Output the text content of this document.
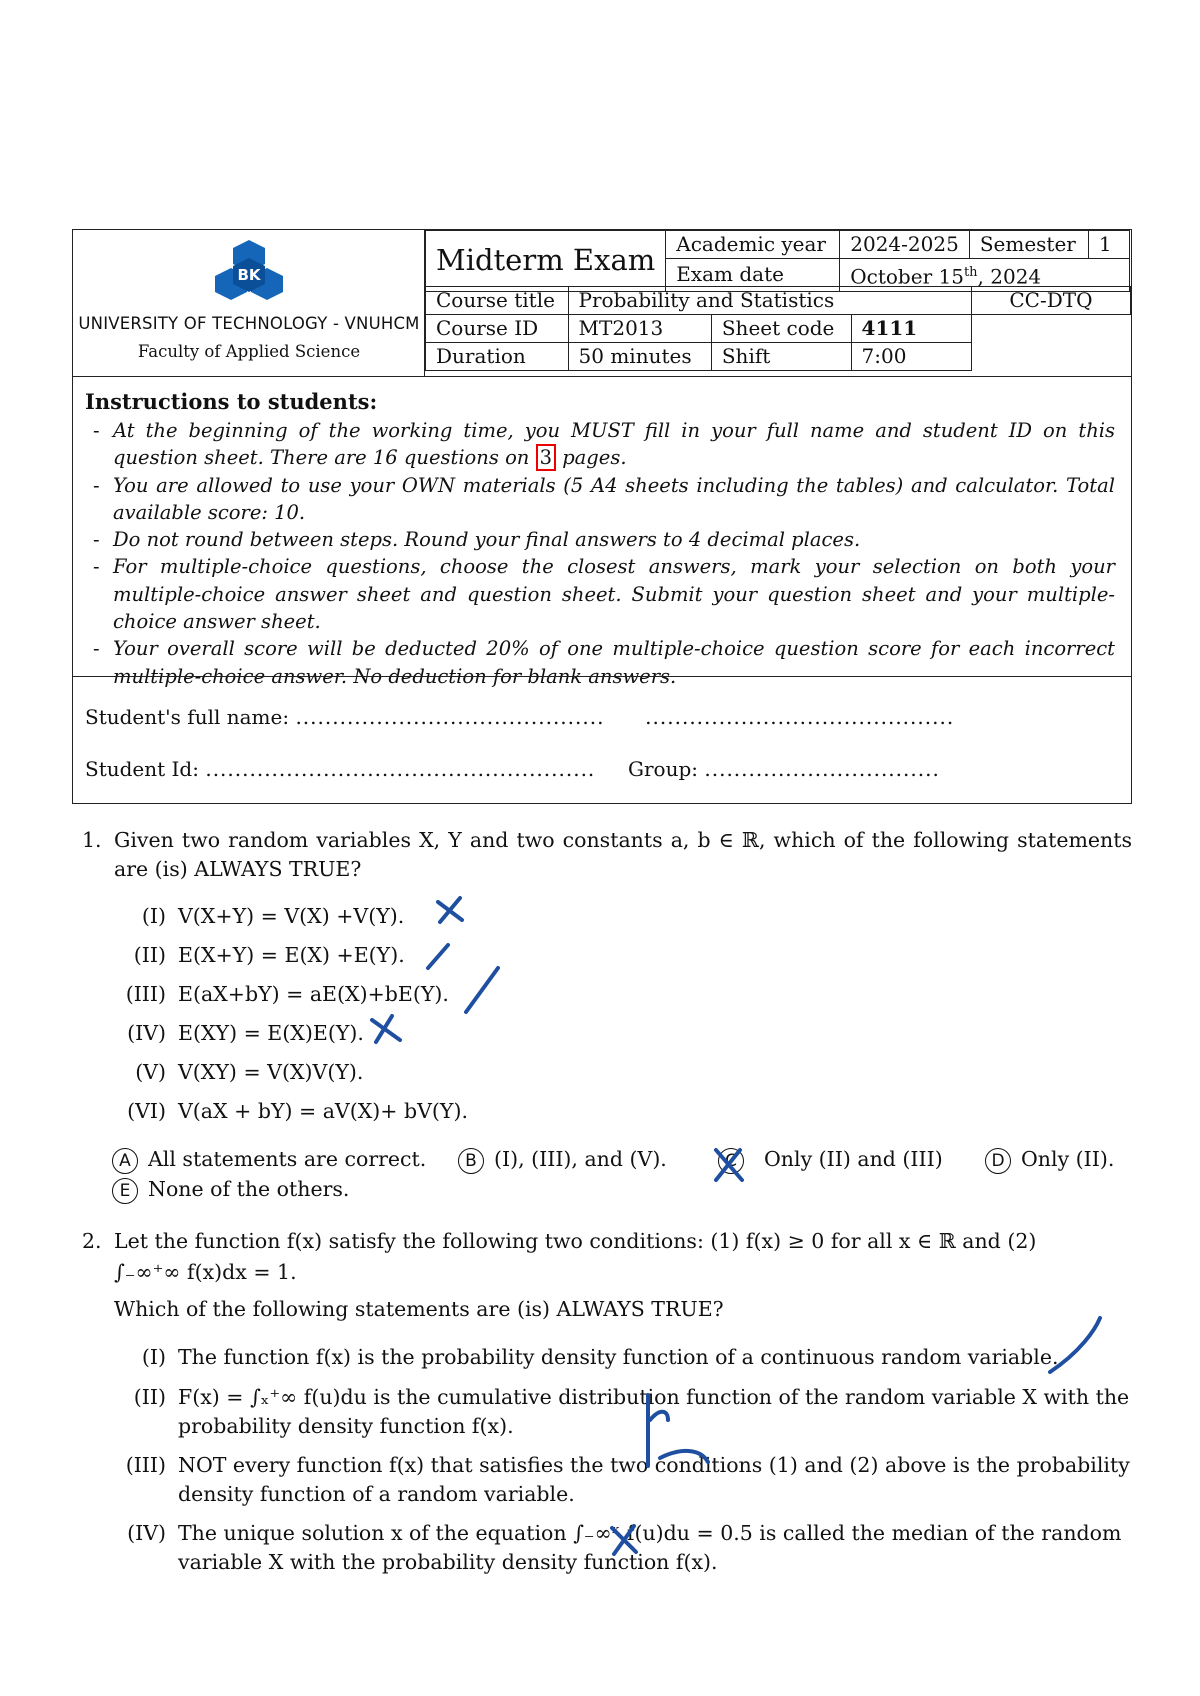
BK
UNIVERSITY OF TECHNOLOGY - VNUHCM
Faculty of Applied Science
Midterm Exam	Academic year	2024-2025	Semester	1
	Exam date	October 15th, 2024		
Course title	Probability and Statistics			CC-DTQ
Course ID	MT2013	Sheet code	4111	
Duration	50 minutes	Shift	7:00	
Instructions to students:
- At the beginning of the working time, you MUST fill in your full name and student ID on this question sheet. There are 16 questions on 3 pages.
- You are allowed to use your OWN materials (5 A4 sheets including the tables) and calculator. Total available score: 10.
- Do not round between steps. Round your final answers to 4 decimal places.
- For multiple-choice questions, choose the closest answers, mark your selection on both your multiple-choice answer sheet and question sheet. Submit your question sheet and your multiple-choice answer sheet.
- Your overall score will be deducted 20% of one multiple-choice question score for each incorrect multiple-choice answer. No deduction for blank answers.
Student's full name: .......................................... ..........................................
Student Id: ..................................................... Group: ................................
1. Given two random variables X, Y and two constants a, b ∈ ℝ, which of the following statements are (is) ALWAYS TRUE?
(I) V(X+Y) = V(X) +V(Y).
(II) E(X+Y) = E(X) +E(Y).
(III) E(aX+bY) = aE(X)+bE(Y).
(IV) E(XY) = E(X)E(Y).
(V) V(XY) = V(X)V(Y).
(VI) V(aX + bY) = aV(X)+ bV(Y).
A All statements are correct.	B (I), (III), and (V).	C Only (II) and (III)	D Only (II).
E None of the others.
2. Let the function f(x) satisfy the following two conditions: (1) f(x) ≥ 0 for all x ∈ ℝ and (2)
∫₋∞⁺∞ f(x)dx = 1.
Which of the following statements are (is) ALWAYS TRUE?
(I) The function f(x) is the probability density function of a continuous random variable.
(II) F(x) = ∫ₓ⁺∞ f(u)du is the cumulative distribution function of the random variable X with the
probability density function f(x).
(III) NOT every function f(x) that satisfies the two conditions (1) and (2) above is the probability
density function of a random variable.
(IV) The unique solution x of the equation ∫₋∞ˣ f(u)du = 0.5 is called the median of the random
variable X with the probability density function f(x).
